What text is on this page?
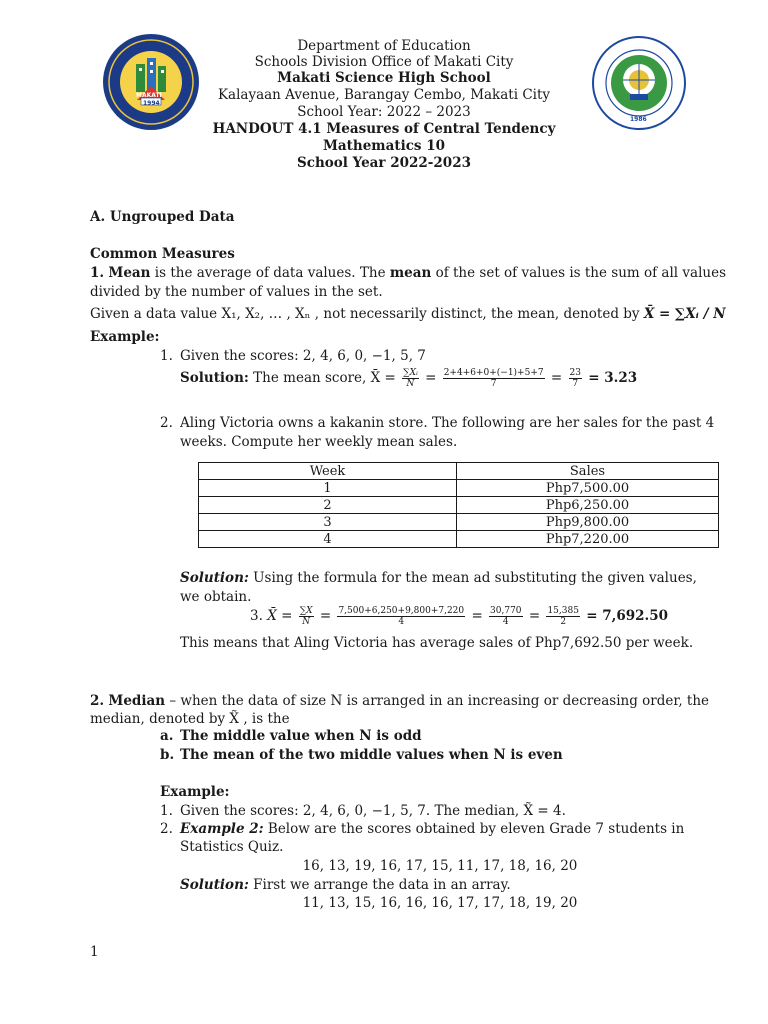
1994
MAKATI
1986
Department of Education
Schools Division Office of Makati City
Makati Science High School
Kalayaan Avenue, Barangay Cembo, Makati City
School Year: 2022 – 2023
HANDOUT 4.1 Measures of Central Tendency
Mathematics 10
School Year 2022-2023
A. Ungrouped Data
Common Measures
1. Mean is the average of data values. The mean of the set of values is the sum of all values
divided by the number of values in the set.
Given a data value X₁, X₂, … , Xₙ , not necessarily distinct, the mean, denoted by X̄ = ∑Xᵢ / N
Example:
1. Given the scores: 2, 4, 6, 0, −1, 5, 7
Solution: The mean score, X̄ = $\frac{\text{∑Xᵢ}}{N} = \frac{2+4+6+0+(-1)+5+7}{7} = \frac{23}{7} = 3.23$
2. Aling Victoria owns a kakanin store. The following are her sales for the past 4
weeks. Compute her weekly mean sales.
Week	Sales
1	Php7,500.00
2	Php6,250.00
3	Php9,800.00
4	Php7,220.00
Solution: Using the formula for the mean ad substituting the given values,
we obtain.
3. X̄ = $\frac{\sum X}{N} = \frac{7,500+6,250+9,800+7,220}{4} = \frac{30,770}{4} = \frac{15,385}{2} = 7,692.50$
This means that Aling Victoria has average sales of Php7,692.50 per week.
2. Median – when the data of size N is arranged in an increasing or decreasing order, the
median, denoted by X̃ , is the
a. The middle value when N is odd
b. The mean of the two middle values when N is even
Example:
1. Given the scores: 2, 4, 6, 0, −1, 5, 7. The median, X̃ = 4.
2. Example 2: Below are the scores obtained by eleven Grade 7 students in
Statistics Quiz.
16, 13, 19, 16, 17, 15, 11, 17, 18, 16, 20
Solution: First we arrange the data in an array.
11, 13, 15, 16, 16, 16, 17, 17, 18, 19, 20
1
